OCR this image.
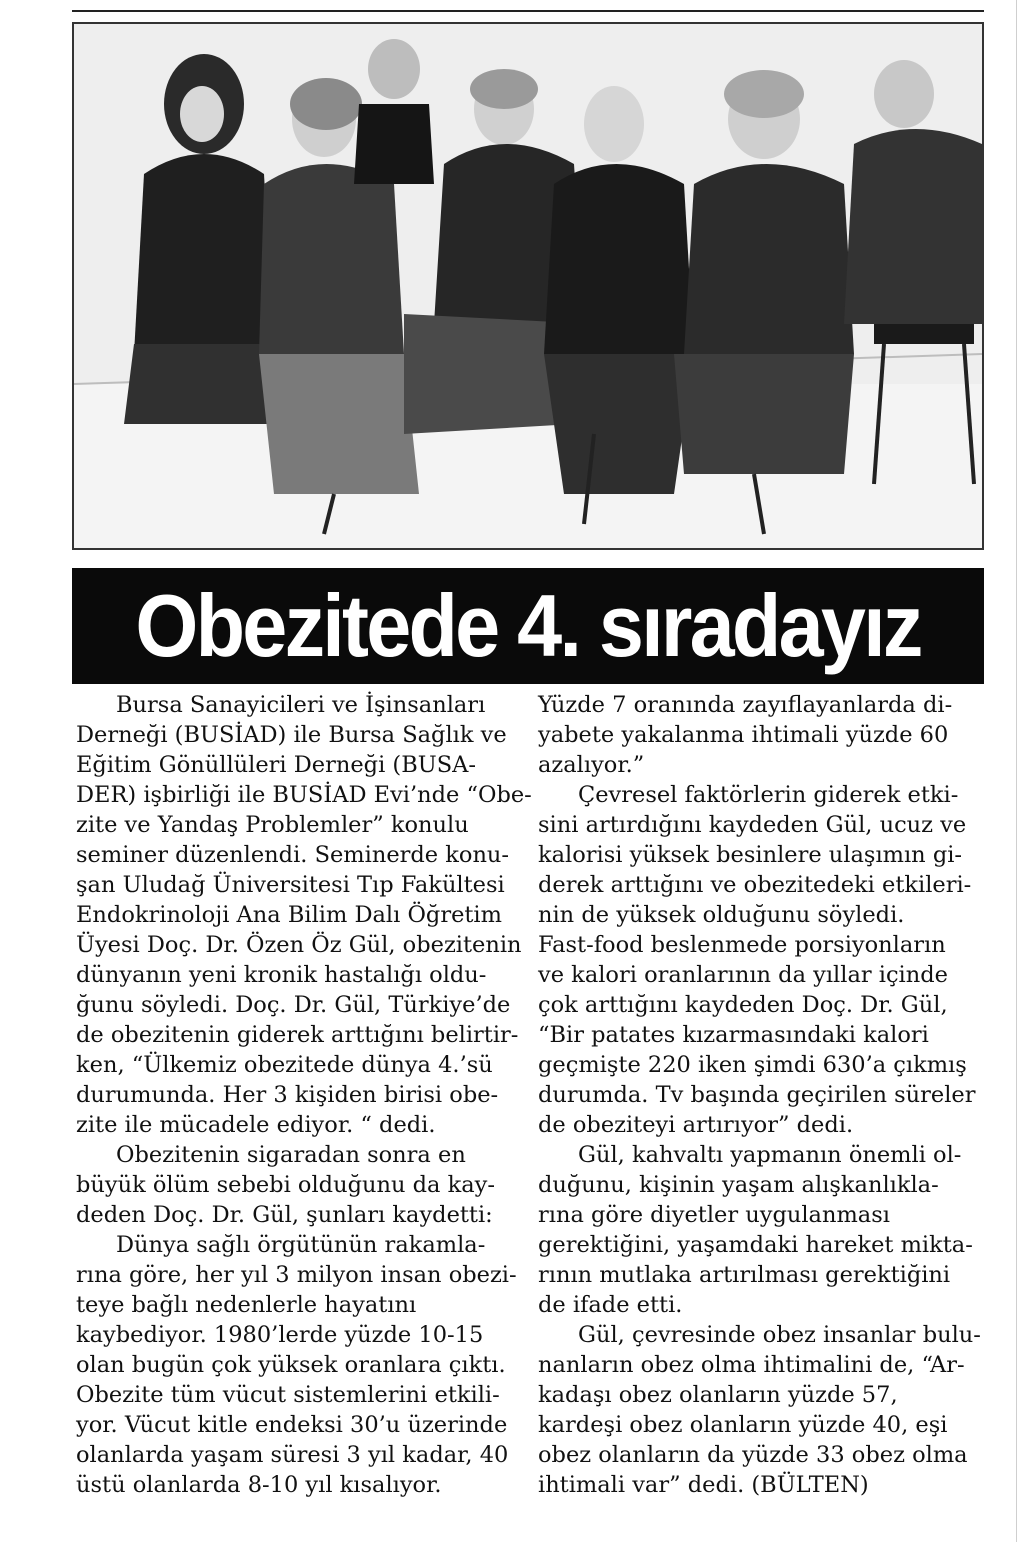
Obezitede 4. sıradayız
Bursa Sanayicileri ve İşinsanları
Derneği (BUSİAD) ile Bursa Sağlık ve
Eğitim Gönüllüleri Derneği (BUSA-
DER) işbirliği ile BUSİAD Evi’nde “Obe-
zite ve Yandaş Problemler” konulu
seminer düzenlendi. Seminerde konu-
şan Uludağ Üniversitesi Tıp Fakültesi
Endokrinoloji Ana Bilim Dalı Öğretim
Üyesi Doç. Dr. Özen Öz Gül, obezitenin
dünyanın yeni kronik hastalığı oldu-
ğunu söyledi. Doç. Dr. Gül, Türkiye’de
de obezitenin giderek arttığını belirtir-
ken, “Ülkemiz obezitede dünya 4.’sü
durumunda. Her 3 kişiden birisi obe-
zite ile mücadele ediyor. “ dedi.
Obezitenin sigaradan sonra en
büyük ölüm sebebi olduğunu da kay-
deden Doç. Dr. Gül, şunları kaydetti:
Dünya sağlı örgütünün rakamla-
rına göre, her yıl 3 milyon insan obezi-
teye bağlı nedenlerle hayatını
kaybediyor. 1980’lerde yüzde 10-15
olan bugün çok yüksek oranlara çıktı.
Obezite tüm vücut sistemlerini etkili-
yor. Vücut kitle endeksi 30’u üzerinde
olanlarda yaşam süresi 3 yıl kadar, 40
üstü olanlarda 8-10 yıl kısalıyor.
Yüzde 7 oranında zayıflayanlarda di-
yabete yakalanma ihtimali yüzde 60
azalıyor.”
Çevresel faktörlerin giderek etki-
sini artırdığını kaydeden Gül, ucuz ve
kalorisi yüksek besinlere ulaşımın gi-
derek arttığını ve obezitedeki etkileri-
nin de yüksek olduğunu söyledi.
Fast-food beslenmede porsiyonların
ve kalori oranlarının da yıllar içinde
çok arttığını kaydeden Doç. Dr. Gül,
“Bir patates kızarmasındaki kalori
geçmişte 220 iken şimdi 630’a çıkmış
durumda. Tv başında geçirilen süreler
de obeziteyi artırıyor” dedi.
Gül, kahvaltı yapmanın önemli ol-
duğunu, kişinin yaşam alışkanlıkla-
rına göre diyetler uygulanması
gerektiğini, yaşamdaki hareket mikta-
rının mutlaka artırılması gerektiğini
de ifade etti.
Gül, çevresinde obez insanlar bulu-
nanların obez olma ihtimalini de, “Ar-
kadaşı obez olanların yüzde 57,
kardeşi obez olanların yüzde 40, eşi
obez olanların da yüzde 33 obez olma
ihtimali var” dedi. (BÜLTEN)
